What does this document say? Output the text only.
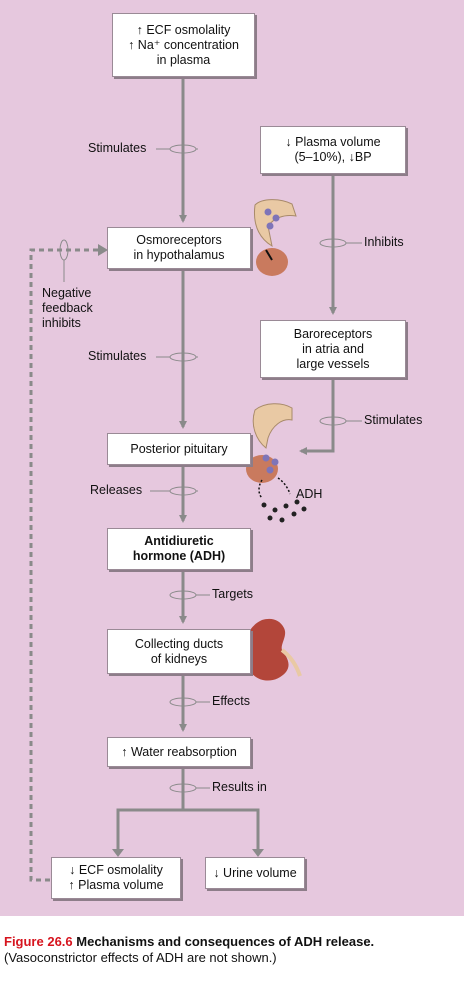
↑ ECF osmolality
↑ Na⁺ concentration
in plasma
↓ Plasma volume
(5–10%), ↓BP
Osmoreceptors
in hypothalamus
Baroreceptors
in atria and
large vessels
Posterior pituitary
Antidiuretic
hormone (ADH)
Collecting ducts
of kidneys
↑ Water reabsorption
↓ ECF osmolality
↑ Plasma volume
↓ Urine volume
Stimulates
Inhibits
Negative
feedback
inhibits
Stimulates
Stimulates
Releases	ADH
Targets
Effects
Results in
Figure 26.6 Mechanisms and consequences of ADH release.
(Vasoconstrictor effects of ADH are not shown.)
